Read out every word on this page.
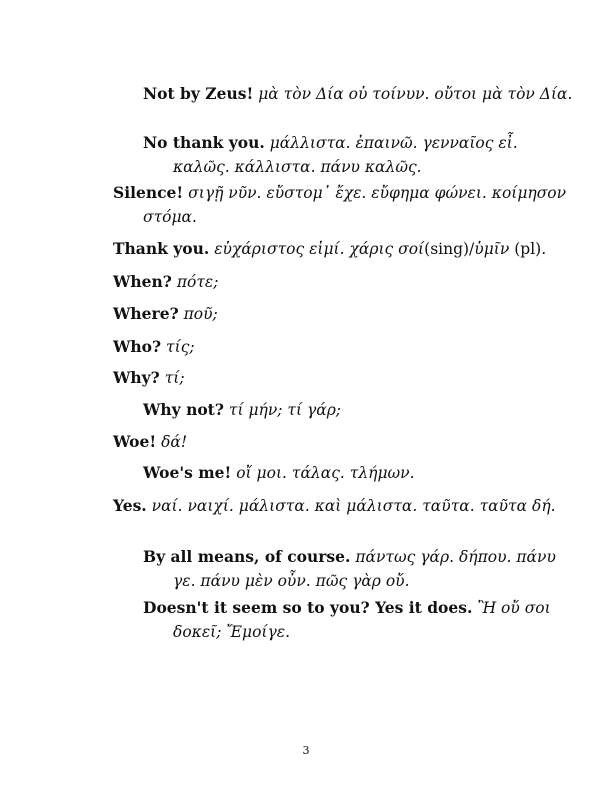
Not by Zeus! μὰ τὸν Δία οὐ τοίνυν. οὔτοι μὰ τὸν Δία.
No thank you. μάλλιστα. ἐπαινῶ. γενναῖος εἶ. καλῶς. κάλλιστα. πάνυ καλῶς.
Silence! σιγῇ νῦν. εὔστομ᾽ ἔχε. εὔφημα φώνει. κοίμησον στόμα.
Thank you. εὐχάριστος εἰμί. χάρις σοί(sing)/ὑμῖν (pl).
When? πότε;
Where? ποῦ;
Who? τίς;
Why? τί;
Why not? τί μήν; τί γάρ;
Woe! δά!
Woe's me! οἴ μοι. τάλας. τλήμων.
Yes. ναί. ναιχί. μάλιστα. καὶ μάλιστα. ταῦτα. ταῦτα δή.
By all means, of course. πάντως γάρ. δήπου. πάνυ γε. πάνυ μὲν οὖν. πῶς γὰρ οὔ.
Doesn't it seem so to you? Yes it does. Ἢ οὔ σοι δοκεῖ; Ἔμοίγε.
3
